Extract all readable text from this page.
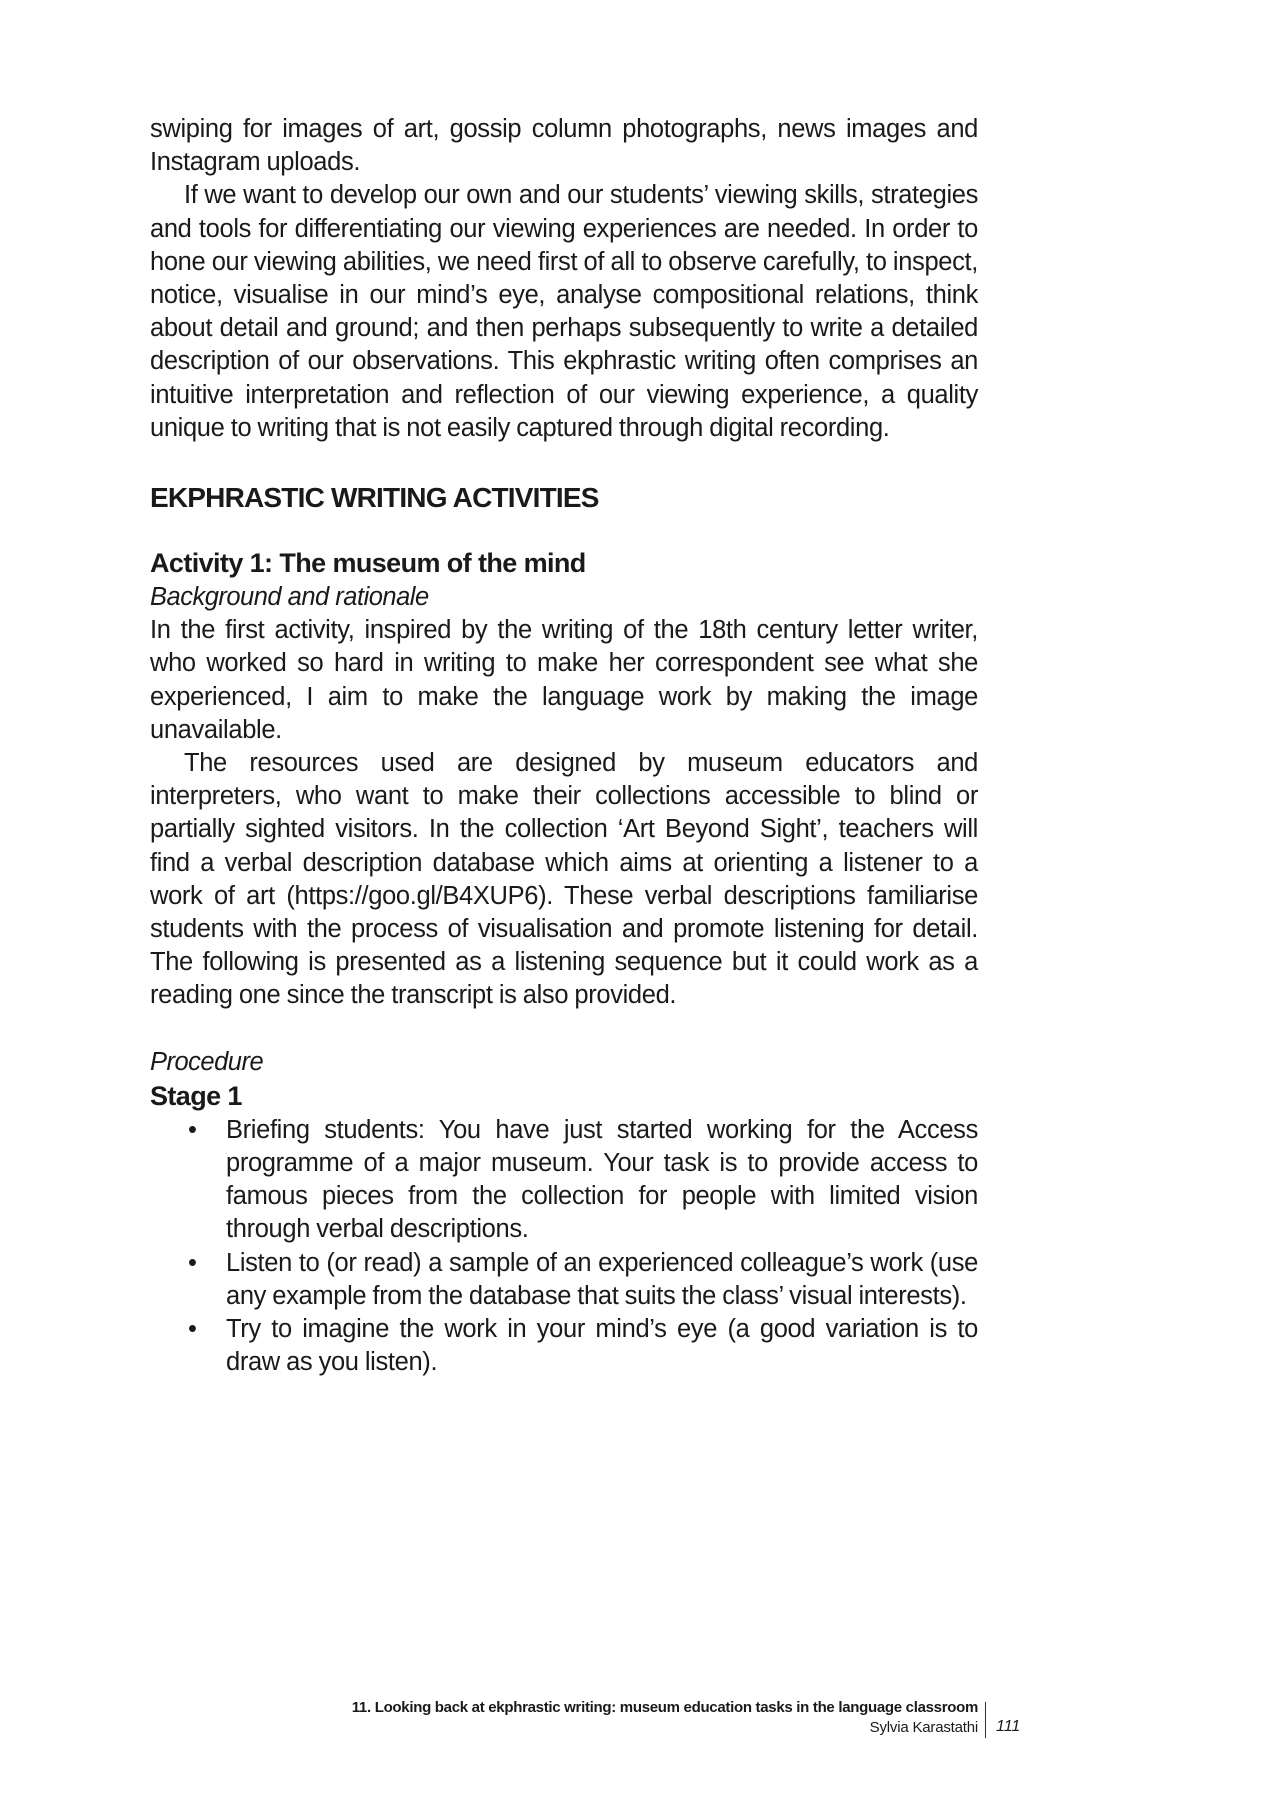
swiping for images of art, gossip column photographs, news images and Instagram uploads.

If we want to develop our own and our students’ viewing skills, strategies and tools for differentiating our viewing experiences are needed. In order to hone our viewing abilities, we need first of all to observe carefully, to inspect, notice, visualise in our mind’s eye, analyse compositional relations, think about detail and ground; and then perhaps subsequently to write a detailed description of our observations. This ekphrastic writing often comprises an intuitive interpretation and reflection of our viewing experience, a quality unique to writing that is not easily captured through digital recording.

EKPHRASTIC WRITING ACTIVITIES
Activity 1: The museum of the mind
Background and rationale

In the first activity, inspired by the writing of the 18th century letter writer, who worked so hard in writing to make her correspondent see what she experienced, I aim to make the language work by making the image unavailable.

The resources used are designed by museum educators and interpreters, who want to make their collections accessible to blind or partially sighted visitors. In the collection ‘Art Beyond Sight’, teachers will find a verbal description database which aims at orienting a listener to a work of art (https://goo.gl/B4XUP6). These verbal descriptions familiarise students with the process of visualisation and promote listening for detail. The following is presented as a listening sequence but it could work as a reading one since the transcript is also provided.

Procedure
Stage 1
• Briefing students: You have just started working for the Access programme of a major museum. Your task is to provide access to famous pieces from the collection for people with limited vision through verbal descriptions.
• Listen to (or read) a sample of an experienced colleague’s work (use any example from the database that suits the class’ visual interests).
• Try to imagine the work in your mind’s eye (a good variation is to draw as you listen).
11. Looking back at ekphrastic writing: museum education tasks in the language classroom
Sylvia Karastathi 111
